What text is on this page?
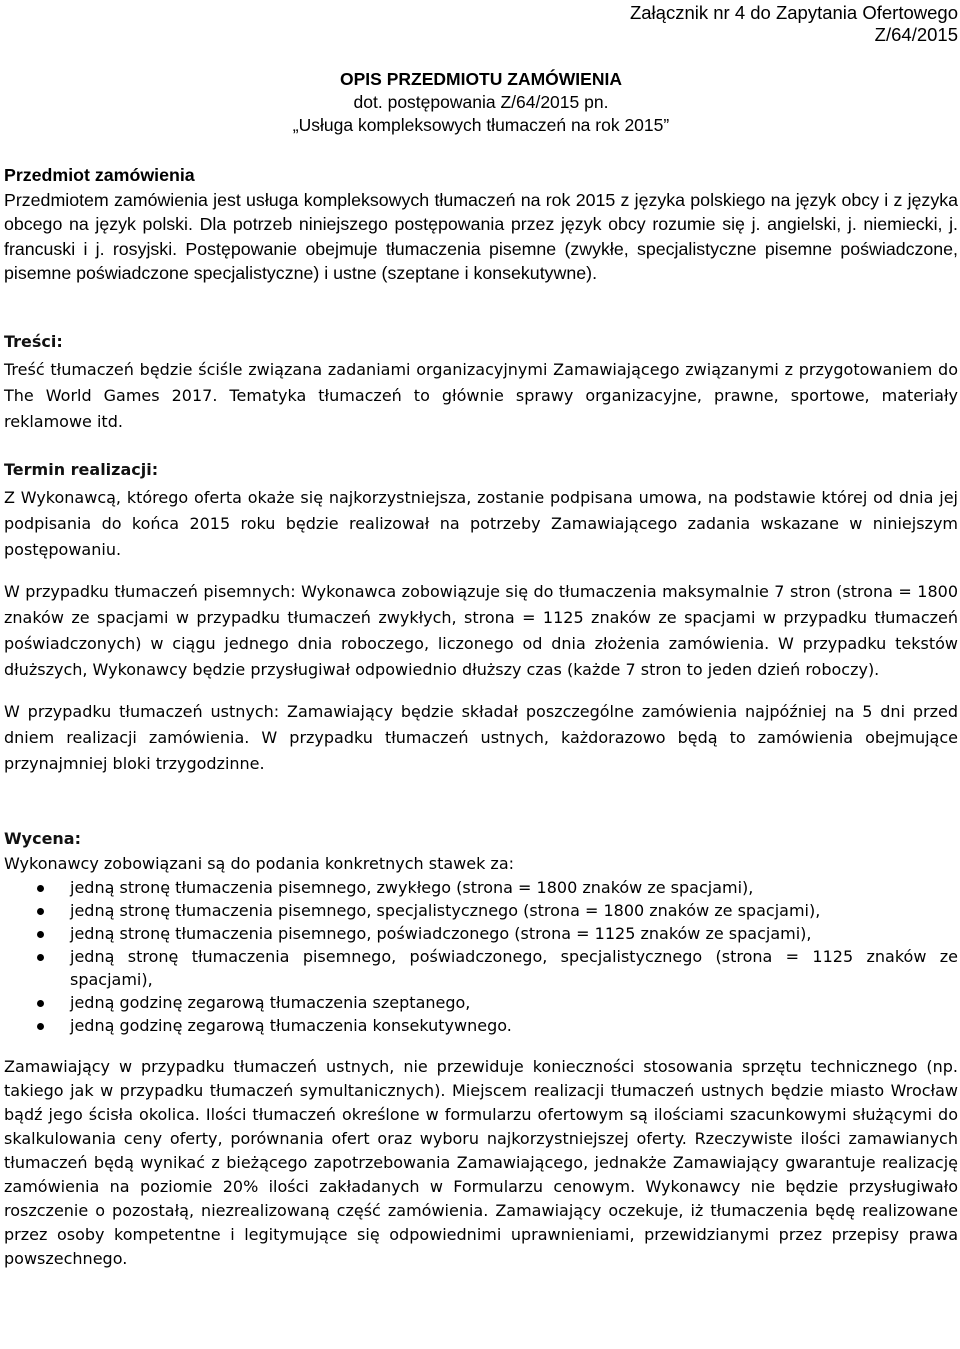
Załącznik nr 4 do Zapytania Ofertowego
Z/64/2015
OPIS PRZEDMIOTU ZAMÓWIENIA
dot. postępowania Z/64/2015 pn.
„Usługa kompleksowych tłumaczeń na rok 2015”
Przedmiot zamówienia
Przedmiotem zamówienia jest usługa kompleksowych tłumaczeń na rok 2015 z języka polskiego na język obcy i z języka obcego na język polski. Dla potrzeb niniejszego postępowania przez język obcy rozumie się j. angielski, j. niemiecki, j. francuski i j. rosyjski. Postępowanie obejmuje tłumaczenia pisemne (zwykłe, specjalistyczne pisemne poświadczone, pisemne poświadczone specjalistyczne) i ustne (szeptane i konsekutywne).
Treści:

Treść tłumaczeń będzie ściśle związana zadaniami organizacyjnymi Zamawiającego związanymi z przygotowaniem do The World Games 2017. Tematyka tłumaczeń to głównie sprawy organizacyjne, prawne, sportowe, materiały reklamowe itd.

Termin realizacji:

Z Wykonawcą, którego oferta okaże się najkorzystniejsza, zostanie podpisana umowa, na podstawie której od dnia jej podpisania do końca 2015 roku będzie realizował na potrzeby Zamawiającego zadania wskazane w niniejszym postępowaniu.

W przypadku tłumaczeń pisemnych: Wykonawca zobowiązuje się do tłumaczenia maksymalnie 7 stron (strona = 1800 znaków ze spacjami w przypadku tłumaczeń zwykłych, strona = 1125 znaków ze spacjami w przypadku tłumaczeń poświadczonych) w ciągu jednego dnia roboczego, liczonego od dnia złożenia zamówienia. W przypadku tekstów dłuższych, Wykonawcy będzie przysługiwał odpowiednio dłuższy czas (każde 7 stron to jeden dzień roboczy).

W przypadku tłumaczeń ustnych: Zamawiający będzie składał poszczególne zamówienia najpóźniej na 5 dni przed dniem realizacji zamówienia. W przypadku tłumaczeń ustnych, każdorazowo będą to zamówienia obejmujące przynajmniej bloki trzygodzinne.

Wycena:

Wykonawcy zobowiązani są do podania konkretnych stawek za:

jedną stronę tłumaczenia pisemnego, zwykłego (strona = 1800 znaków ze spacjami),
jedną stronę tłumaczenia pisemnego, specjalistycznego (strona = 1800 znaków ze spacjami),
jedną stronę tłumaczenia pisemnego, poświadczonego (strona = 1125 znaków ze spacjami),
jedną stronę tłumaczenia pisemnego, poświadczonego, specjalistycznego (strona = 1125 znaków ze spacjami),
jedną godzinę zegarową tłumaczenia szeptanego,
jedną godzinę zegarową tłumaczenia konsekutywnego.

Zamawiający w przypadku tłumaczeń ustnych, nie przewiduje konieczności stosowania sprzętu technicznego (np. takiego jak w przypadku tłumaczeń symultanicznych). Miejscem realizacji tłumaczeń ustnych będzie miasto Wrocław bądź jego ścisła okolica. Ilości tłumaczeń określone w formularzu ofertowym są ilościami szacunkowymi służącymi do skalkulowania ceny oferty, porównania ofert oraz wyboru najkorzystniejszej oferty. Rzeczywiste ilości zamawianych tłumaczeń będą wynikać z bieżącego zapotrzebowania Zamawiającego, jednakże Zamawiający gwarantuje realizację zamówienia na poziomie 20% ilości zakładanych w Formularzu cenowym. Wykonawcy nie będzie przysługiwało roszczenie o pozostałą, niezrealizowaną część zamówienia. Zamawiający oczekuje, iż tłumaczenia będę realizowane przez osoby kompetentne i legitymujące się odpowiednimi uprawnieniami, przewidzianymi przez przepisy prawa powszechnego.
